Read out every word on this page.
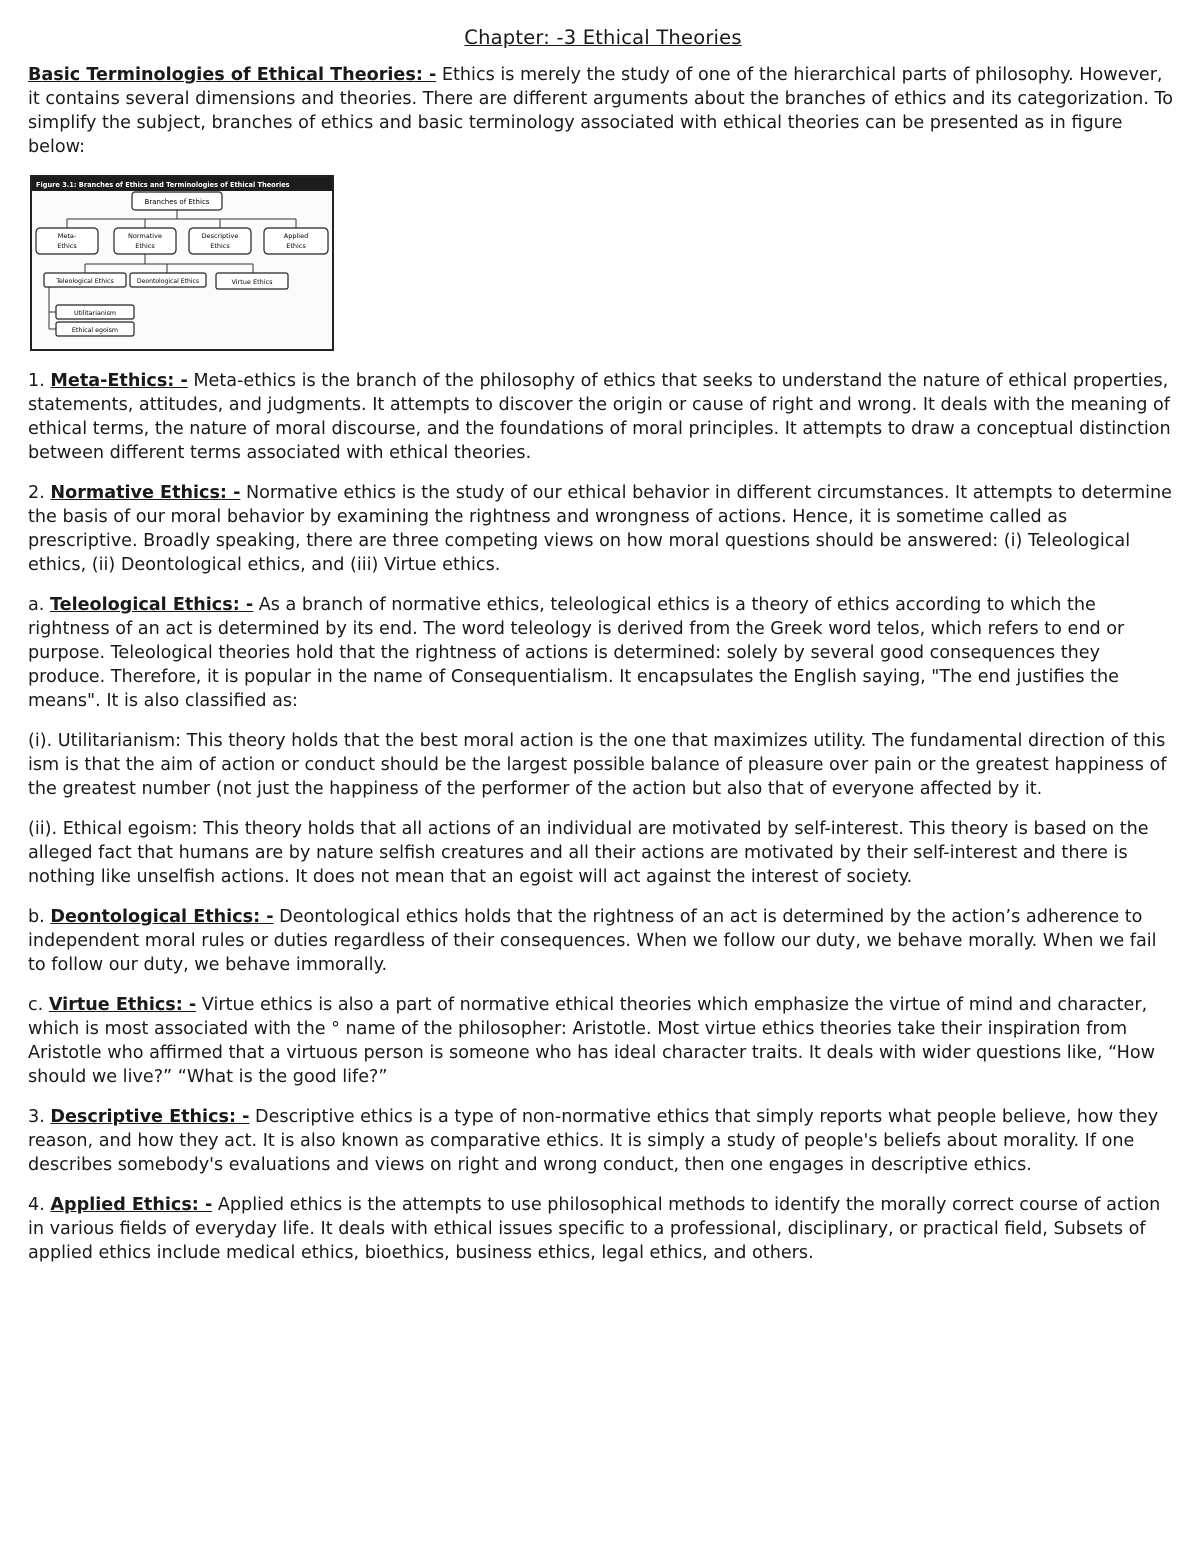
Chapter: -3 Ethical Theories

Basic Terminologies of Ethical Theories: - Ethics is merely the study of one of the hierarchical parts of philosophy. However, it contains several dimensions and theories. There are different arguments about the branches of ethics and its categorization. To simplify the subject, branches of ethics and basic terminology associated with ethical theories can be presented as in figure below:

Figure 3.1: Branches of Ethics and Terminologies of Ethical Theories
Branches of Ethics
Meta-
Ethics
Normative
Ethics
Descriptive
Ethics
Applied
Ethics
Teleological Ethics	Deontological Ethics	Virtue Ethics
Utilitarianism
Ethical egoism

1. Meta-Ethics: - Meta-ethics is the branch of the philosophy of ethics that seeks to understand the nature of ethical properties, statements, attitudes, and judgments. It attempts to discover the origin or cause of right and wrong. It deals with the meaning of ethical terms, the nature of moral discourse, and the foundations of moral principles. It attempts to draw a conceptual distinction between different terms associated with ethical theories.

2. Normative Ethics: - Normative ethics is the study of our ethical behavior in different circumstances. It attempts to determine the basis of our moral behavior by examining the rightness and wrongness of actions. Hence, it is sometime called as prescriptive. Broadly speaking, there are three competing views on how moral questions should be answered: (i) Teleological ethics, (ii) Deontological ethics, and (iii) Virtue ethics.

a. Teleological Ethics: - As a branch of normative ethics, teleological ethics is a theory of ethics according to which the rightness of an act is determined by its end. The word teleology is derived from the Greek word telos, which refers to end or purpose. Teleological theories hold that the rightness of actions is determined: solely by several good consequences they produce. Therefore, it is popular in the name of Consequentialism. It encapsulates the English saying, "The end justifies the means". It is also classified as:

(i). Utilitarianism: This theory holds that the best moral action is the one that maximizes utility. The fundamental direction of this ism is that the aim of action or conduct should be the largest possible balance of pleasure over pain or the greatest happiness of the greatest number (not just the happiness of the performer of the action but also that of everyone affected by it.

(ii). Ethical egoism: This theory holds that all actions of an individual are motivated by self-interest. This theory is based on the alleged fact that humans are by nature selfish creatures and all their actions are motivated by their self-interest and there is nothing like unselfish actions. It does not mean that an egoist will act against the interest of society.

b. Deontological Ethics: - Deontological ethics holds that the rightness of an act is determined by the action’s adherence to independent moral rules or duties regardless of their consequences. When we follow our duty, we behave morally. When we fail to follow our duty, we behave immorally.

c. Virtue Ethics: - Virtue ethics is also a part of normative ethical theories which emphasize the virtue of mind and character, which is most associated with the ° name of the philosopher: Aristotle. Most virtue ethics theories take their inspiration from Aristotle who affirmed that a virtuous person is someone who has ideal character traits. It deals with wider questions like, “How should we live?” “What is the good life?”

3. Descriptive Ethics: - Descriptive ethics is a type of non-normative ethics that simply reports what people believe, how they reason, and how they act. It is also known as comparative ethics. It is simply a study of people's beliefs about morality. If one describes somebody's evaluations and views on right and wrong conduct, then one engages in descriptive ethics.

4. Applied Ethics: - Applied ethics is the attempts to use philosophical methods to identify the morally correct course of action in various fields of everyday life. It deals with ethical issues specific to a professional, disciplinary, or practical field, Subsets of applied ethics include medical ethics, bioethics, business ethics, legal ethics, and others.
